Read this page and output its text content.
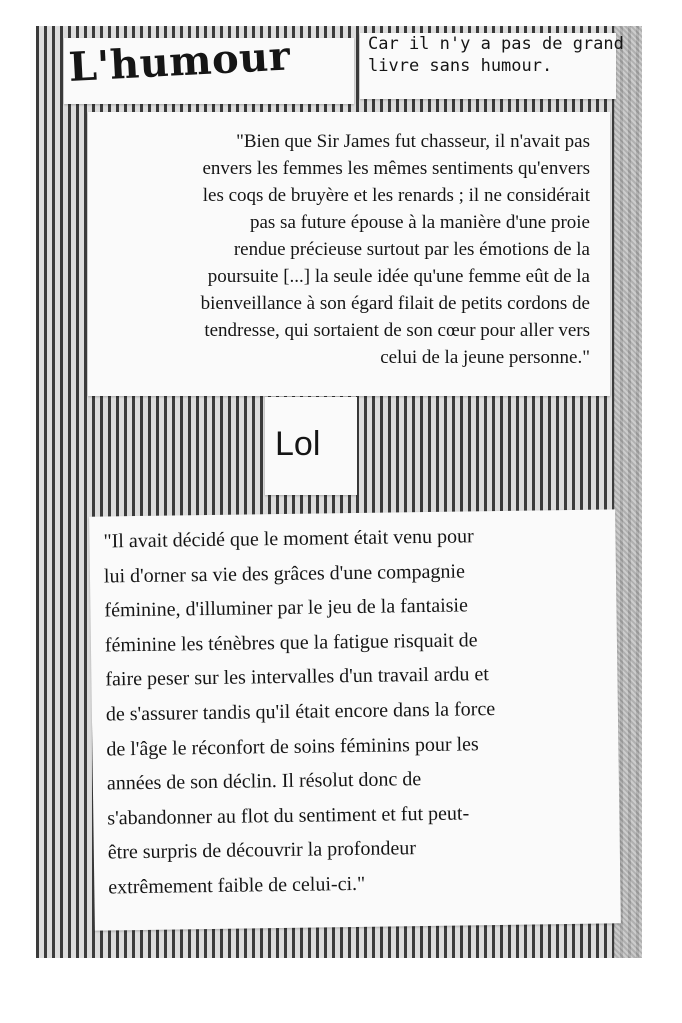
L'humour	Car il n'y a pas de grand
livre sans humour.
"Bien que Sir James fut chasseur, il n'avait pas
envers les femmes les mêmes sentiments qu'envers
les coqs de bruyère et les renards ; il ne considérait
pas sa future épouse à la manière d'une proie
rendue précieuse surtout par les émotions de la
poursuite [...] la seule idée qu'une femme eût de la
bienveillance à son égard filait de petits cordons de
tendresse, qui sortaient de son cœur pour aller vers
celui de la jeune personne."
Lol
"Il avait décidé que le moment était venu pour
lui d'orner sa vie des grâces d'une compagnie
féminine, d'illuminer par le jeu de la fantaisie
féminine les ténèbres que la fatigue risquait de
faire peser sur les intervalles d'un travail ardu et
de s'assurer tandis qu'il était encore dans la force
de l'âge le réconfort de soins féminins pour les
années de son déclin. Il résolut donc de
s'abandonner au flot du sentiment et fut peut-
être surpris de découvrir la profondeur
extrêmement faible de celui-ci."
